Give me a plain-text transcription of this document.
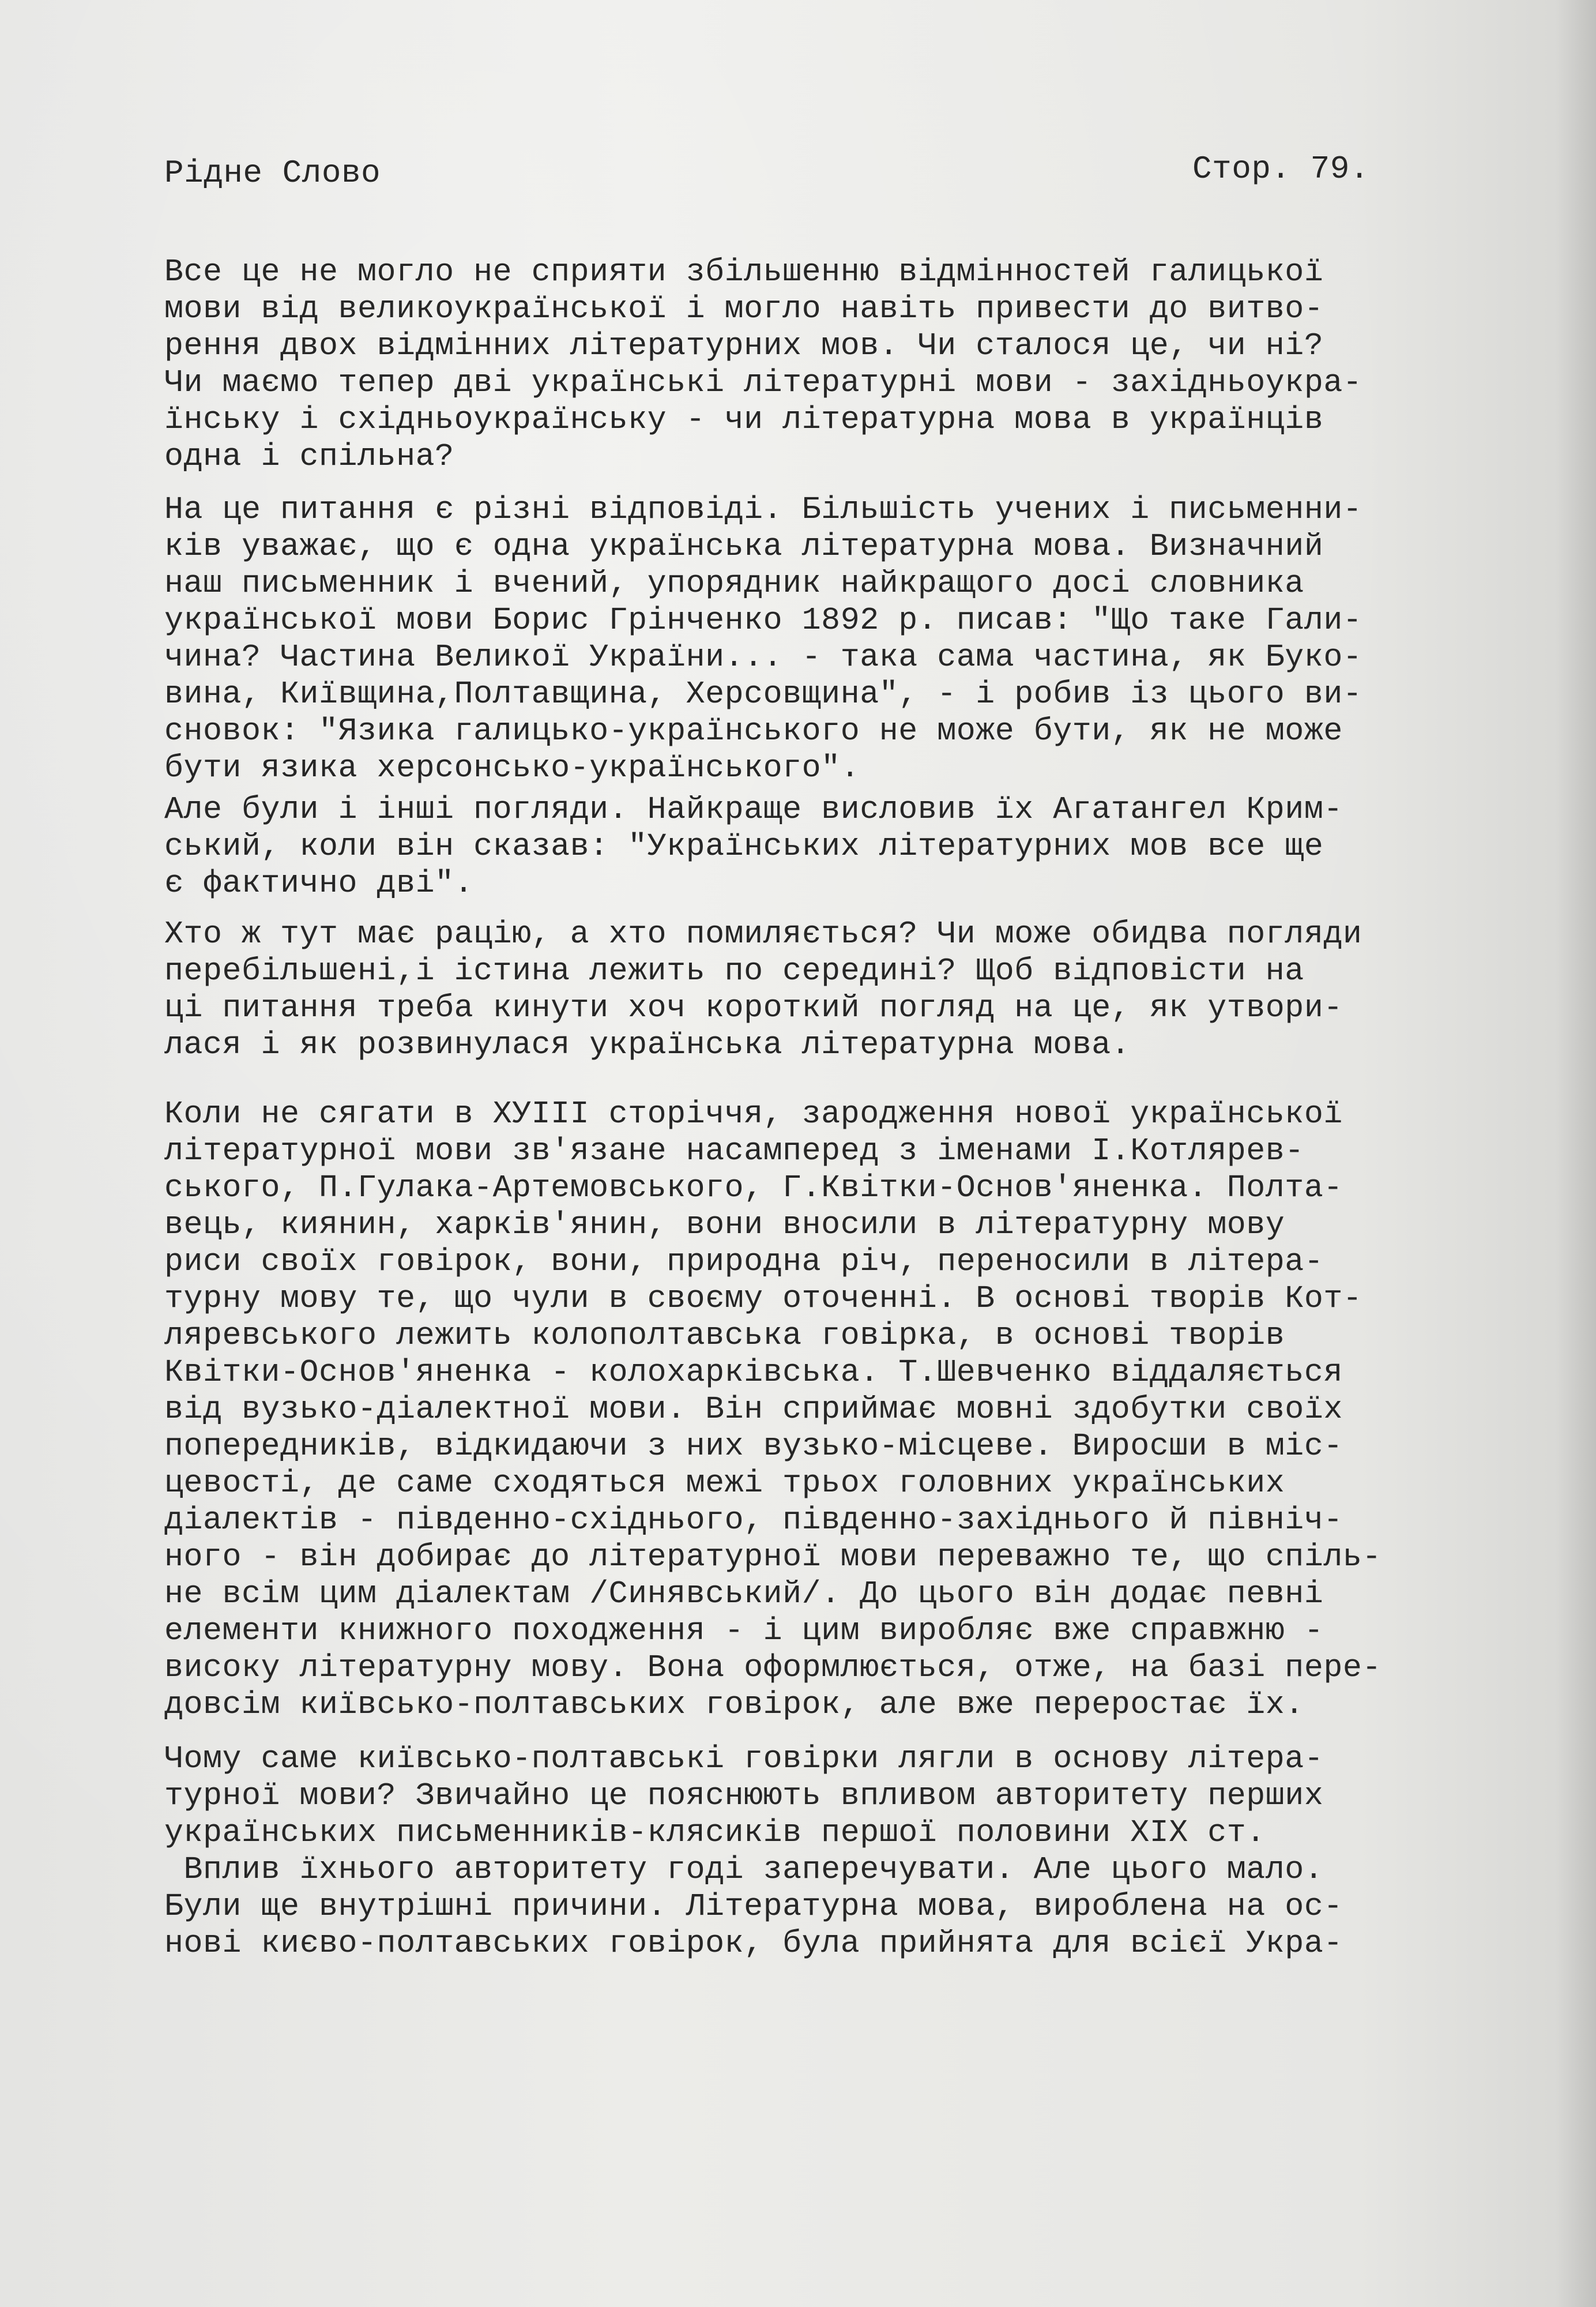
Рідне Слово	Стор. 79.
Все це не могло не сприяти збільшенню відмінностей галицької
мови від великоукраїнської і могло навіть привести до витво-
рення двох відмінних літературних мов. Чи сталося це, чи ні?
Чи маємо тепер дві українські літературні мови - західньоукра-
їнську і східньоукраїнську - чи літературна мова в українців
одна і спільна?
На це питання є різні відповіді. Більшість учених і письменни-
ків уважає, що є одна українська літературна мова. Визначний
наш письменник і вчений, упорядник найкращого досі словника
української мови Борис Грінченко 1892 р. писав: "Що таке Гали-
чина? Частина Великої України... - така сама частина, як Буко-
вина, Київщина,Полтавщина, Херсовщина", - і робив із цього ви-
сновок: "Язика галицько-українського не може бути, як не може
бути язика херсонсько-українського".
Але були і інші погляди. Найкраще висловив їх Агатангел Крим-
ський, коли він сказав: "Українських літературних мов все ще
є фактично дві".
Хто ж тут має рацію, а хто помиляється? Чи може обидва погляди
перебільшені,і істина лежить по середині? Щоб відповісти на
ці питання треба кинути хоч короткий погляд на це, як утвори-
лася і як розвинулася українська літературна мова.
Коли не сягати в ХУІІІ сторіччя, зародження нової української
літературної мови зв'язане насамперед з іменами І.Котлярев-
ського, П.Гулака-Артемовського, Г.Квітки-Основ'яненка. Полта-
вець, киянин, харків'янин, вони вносили в літературну мову
риси своїх говірок, вони, природна річ, переносили в літера-
турну мову те, що чули в своєму оточенні. В основі творів Кот-
ляревського лежить колополтавська говірка, в основі творів
Квітки-Основ'яненка - колохарківська. Т.Шевченко віддаляється
від вузько-діалектної мови. Він сприймає мовні здобутки своїх
попередників, відкидаючи з них вузько-місцеве. Виросши в міс-
цевості, де саме сходяться межі трьох головних українських
діалектів - південно-східнього, південно-західнього й північ-
ного - він добирає до літературної мови переважно те, що спіль-
не всім цим діалектам /Синявський/. До цього він додає певні
елементи книжного походження - і цим виробляє вже справжню -
високу літературну мову. Вона оформлюється, отже, на базі пере-
довсім київсько-полтавських говірок, але вже переростає їх.
Чому саме київсько-полтавські говірки лягли в основу літера-
турної мови? Звичайно це пояснюють впливом авторитету перших
українських письменників-клясиків першої половини ХІХ ст.
Вплив їхнього авторитету годі заперечувати. Але цього мало.
Були ще внутрішні причини. Літературна мова, вироблена на ос-
нові києво-полтавських говірок, була прийнята для всієї Укра-
